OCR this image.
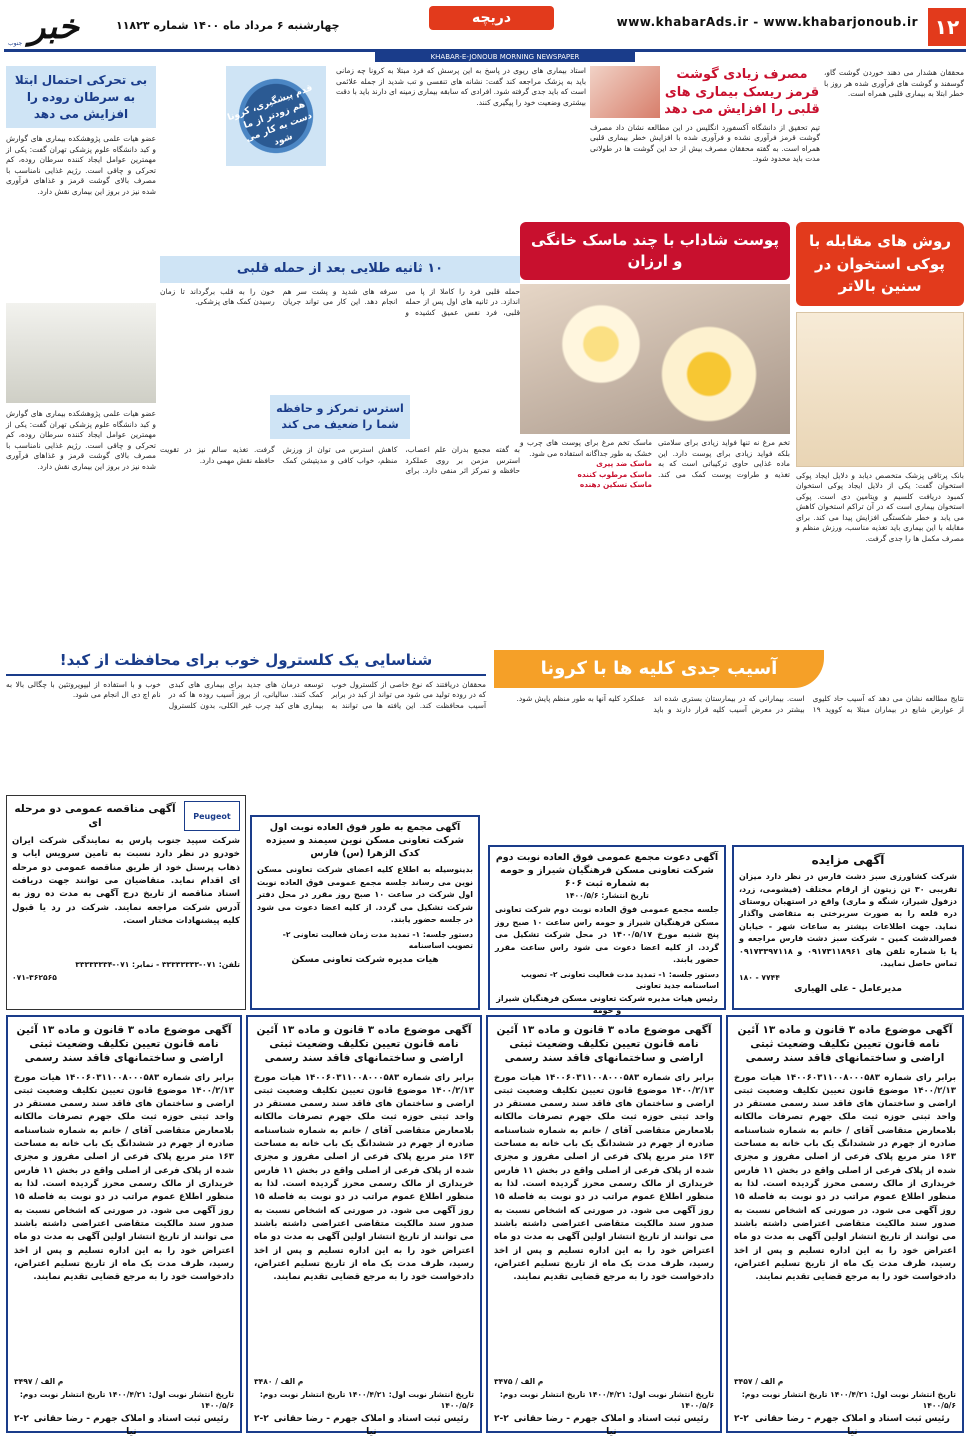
١٢
www.khabarAds.ir - www.khabarjonoub.ir
دریچه
چهارشنبه ۶ مرداد ماه ۱۴۰۰ شماره ۱۱۸۲۳
خبر
جنوب
KHABAR-E-JONOUB MORNING NEWSPAPER
محققان هشدار می دهند خوردن گوشت گاو، گوسفند و گوشت های فرآوری شده هر روز با خطر ابتلا به بیماری قلبی همراه است.
مصرف زیادی گوشت قرمز ریسک بیماری های قلبی را افزایش می دهد
تیم تحقیق از دانشگاه آکسفورد انگلیس در این مطالعه نشان داد مصرف گوشت قرمز فرآوری نشده و فرآوری شده با افزایش خطر بیماری قلبی همراه است. به گفته محققان مصرف بیش از حد این گوشت ها در طولانی مدت باید محدود شود.
قدم پیشگیری، کرونا هم زودتر از ما دست به کار می شود
استاد بیماری های ریوی در پاسخ به این پرسش که فرد مبتلا به کرونا چه زمانی باید به پزشک مراجعه کند گفت: نشانه های تنفسی و تب شدید از جمله علائمی است که باید جدی گرفته شود. افرادی که سابقه بیماری زمینه ای دارند باید با دقت بیشتری وضعیت خود را پیگیری کنند.
بی تحرکی احتمال ابتلا به سرطان روده را افزایش می دهد
عضو هیات علمی پژوهشکده بیماری های گوارش و کبد دانشگاه علوم پزشکی تهران گفت: یکی از مهمترین عوامل ایجاد کننده سرطان روده، کم تحرکی و چاقی است. رژیم غذایی نامناسب با مصرف بالای گوشت قرمز و غذاهای فرآوری شده نیز در بروز این بیماری نقش دارد.
عضو هیات علمی پژوهشکده بیماری های گوارش و کبد دانشگاه علوم پزشکی تهران گفت: یکی از مهمترین عوامل ایجاد کننده سرطان روده، کم تحرکی و چاقی است. رژیم غذایی نامناسب با مصرف بالای گوشت قرمز و غذاهای فرآوری شده نیز در بروز این بیماری نقش دارد.
۱۰ ثانیه طلایی بعد از حمله قلبی
حمله قلبی فرد را کاملا از پا می اندازد. در ثانیه های اول پس از حمله قلبی، فرد نفس عمیق کشیده و سرفه های شدید و پشت سر هم انجام دهد. این کار می تواند جریان خون را به قلب برگرداند تا زمان رسیدن کمک های پزشکی.
پوست شاداب با چند ماسک خانگی و ارزان
تخم مرغ نه تنها فواید زیادی برای سلامتی بلکه فواید زیادی برای پوست دارد. این ماده غذایی حاوی ترکیباتی است که به تغذیه و طراوت پوست کمک می کند. ماسک تخم مرغ برای پوست های چرب و خشک به طور جداگانه استفاده می شود.
ماسک ضد پیری
ماسک مرطوب کننده
ماسک تسکین دهنده
روش های مقابله با پوکی استخوان در سنین بالاتر
بانک پرتاقی پزشک متخصص دیابد و دلایل ایجاد پوکی استخوان گفت: یکی از دلایل ایجاد پوکی استخوان کمبود دریافت کلسیم و ویتامین دی است. پوکی استخوان بیماری است که در آن تراکم استخوان کاهش می یابد و خطر شکستگی افزایش پیدا می کند. برای مقابله با این بیماری باید تغذیه مناسب، ورزش منظم و مصرف مکمل ها را جدی گرفت.
استرس تمرکز و حافظه شما را ضعیف می کند
به گفته مجمع بدران علم اعصاب، استرس مزمن بر روی عملکرد حافظه و تمرکز اثر منفی دارد. برای کاهش استرس می توان از ورزش منظم، خواب کافی و مدیتیشن کمک گرفت. تغذیه سالم نیز در تقویت حافظه نقش مهمی دارد.
شناسایی یک کلسترول خوب برای محافظت از کبد!
محققان دریافتند که نوع خاصی از کلسترول خوب که در روده تولید می شود می تواند از کبد در برابر آسیب محافظت کند. این یافته ها می توانند به توسعه درمان های جدید برای بیماری های کبدی کمک کنند. سالیانی، از بروز آسیب روده ها که در بیماری های کبد چرب غیر الکلی، بدون کلسترول خوب و با استفاده از لیپوپروتئین با چگالی بالا به نام اچ دی ال انجام می شود.
آسیب جدی کلیه ها با کرونا
نتایج مطالعه نشان می دهد که آسیب حاد کلیوی از عوارض شایع در بیماران مبتلا به کووید ۱۹ است. بیمارانی که در بیمارستان بستری شده اند بیشتر در معرض آسیب کلیه قرار دارند و باید عملکرد کلیه آنها به طور منظم پایش شود.
Peugeot
آگهی مناقصه عمومی دو مرحله ای
شرکت سپید جنوب پارس به نمایندگی شرکت ایران خودرو در نظر دارد نسبت به تامین سرویس ایاب و ذهاب پرسنل خود از طریق مناقصه عمومی دو مرحله ای اقدام نماید. متقاضیان می توانند جهت دریافت اسناد مناقصه از تاریخ درج آگهی به مدت ده روز به آدرس شرکت مراجعه نمایند. شرکت در رد یا قبول کلیه پیشنهادات مختار است.
تلفن: ۰۷۱-۳۳۳۳۳۳۳۳ - نمابر: ۰۷۱-۳۳۳۳۳۳۳۴
۰۷۱-۳۶۲۵۶۵
آگهی مجمع به طور فوق العاده نوبت اول شرکت تعاونی مسکن نوین سیمند و سیزده کدک الزهرا (س) فارس
بدینوسیله به اطلاع کلیه اعضای شرکت تعاونی مسکن نوین می رساند جلسه مجمع عمومی فوق العاده نوبت اول شرکت در ساعت ۱۰ صبح روز مقرر در محل دفتر شرکت تشکیل می گردد. از کلیه اعضا دعوت می شود در جلسه حضور یابند.
دستور جلسه: ۱- تمدید مدت زمان فعالیت تعاونی ۲- تصویب اساسنامه
هیات مدیره شرکت تعاونی مسکن
آگهی دعوت مجمع عمومی فوق العاده نوبت دوم شرکت تعاونی مسکن فرهنگیان شیراز و حومه به شماره ثبت ۶۰۶
تاریخ انتشار: ۱۴۰۰/۵/۶
جلسه مجمع عمومی فوق العاده نوبت دوم شرکت تعاونی مسکن فرهنگیان شیراز و حومه راس ساعت ۱۰ صبح روز پنج شنبه مورخ ۱۴۰۰/۵/۱۷ در محل شرکت تشکیل می گردد. از کلیه اعضا دعوت می شود راس ساعت مقرر حضور یابند.
دستور جلسه: ۱- تمدید مدت فعالیت تعاونی ۲- تصویب اساسنامه جدید تعاونی
رئیس هیات مدیره شرکت تعاونی مسکن فرهنگیان شیراز و حومه
آگهی مزایده
شرکت کشاورزی سبز دشت فارس در نظر دارد میزان تقریبی ۳۰ تن زیتون از ارقام مختلف (فیشومی، زرد، دزفول شیراز، شنگه و ماری) واقع در استهبان روستای دره قلعه را به صورت سربرختی به متقاضی واگذار نماید. جهت اطلاعات بیشتر به ساعات شهر - خیابان فصرالدشت کمین - شرکت سبز دشت فارس مراجعه و یا با شماره تلفن های ۰۹۱۷۳۱۱۸۹۶۱ و ۰۹۱۷۳۳۹۷۱۱۸ تماس حاصل نمایید.
۷۷۴۴ - ۱۸۰
مدیرعامل - علی الهیاری
آگهی موضوع ماده ۳ قانون و ماده ۱۳ آئین نامه قانون تعیین تکلیف وضعیت ثبتی اراضی و ساختمانهای فاقد سند رسمی
برابر رای شماره ۱۴۰۰۶۰۳۱۱۰۰۸۰۰۰۵۸۳ هیات مورخ ۱۴۰۰/۲/۱۳ موضوع قانون تعیین تکلیف وضعیت ثبتی اراضی و ساختمان های فاقد سند رسمی مستقر در واحد ثبتی حوزه ثبت ملک جهرم تصرفات مالکانه بلامعارض متقاضی آقای / خانم به شماره شناسنامه صادره از جهرم در ششدانگ یک باب خانه به مساحت ۱۶۳ متر مربع پلاک فرعی از اصلی مفروز و مجزی شده از پلاک فرعی از اصلی واقع در بخش ۱۱ فارس خریداری از مالک رسمی محرز گردیده است. لذا به منظور اطلاع عموم مراتب در دو نوبت به فاصله ۱۵ روز آگهی می شود. در صورتی که اشخاص نسبت به صدور سند مالکیت متقاضی اعتراضی داشته باشند می توانند از تاریخ انتشار اولین آگهی به مدت دو ماه اعتراض خود را به این اداره تسلیم و پس از اخذ رسید، ظرف مدت یک ماه از تاریخ تسلیم اعتراض، دادخواست خود را به مرجع قضایی تقدیم نمایند.
م الف / ۳۴۹۷
تاریخ انتشار نوبت اول: ۱۴۰۰/۴/۲۱ تاریخ انتشار نوبت دوم: ۱۴۰۰/۵/۶
رئیس ثبت اسناد و املاک جهرم - رضا حقانی نیا
۲-۲
آگهی موضوع ماده ۳ قانون و ماده ۱۳ آئین نامه قانون تعیین تکلیف وضعیت ثبتی اراضی و ساختمانهای فاقد سند رسمی
برابر رای شماره ۱۴۰۰۶۰۳۱۱۰۰۸۰۰۰۵۸۳ هیات مورخ ۱۴۰۰/۲/۱۳ موضوع قانون تعیین تکلیف وضعیت ثبتی اراضی و ساختمان های فاقد سند رسمی مستقر در واحد ثبتی حوزه ثبت ملک جهرم تصرفات مالکانه بلامعارض متقاضی آقای / خانم به شماره شناسنامه صادره از جهرم در ششدانگ یک باب خانه به مساحت ۱۶۳ متر مربع پلاک فرعی از اصلی مفروز و مجزی شده از پلاک فرعی از اصلی واقع در بخش ۱۱ فارس خریداری از مالک رسمی محرز گردیده است. لذا به منظور اطلاع عموم مراتب در دو نوبت به فاصله ۱۵ روز آگهی می شود. در صورتی که اشخاص نسبت به صدور سند مالکیت متقاضی اعتراضی داشته باشند می توانند از تاریخ انتشار اولین آگهی به مدت دو ماه اعتراض خود را به این اداره تسلیم و پس از اخذ رسید، ظرف مدت یک ماه از تاریخ تسلیم اعتراض، دادخواست خود را به مرجع قضایی تقدیم نمایند.
م الف / ۳۴۸۰
تاریخ انتشار نوبت اول: ۱۴۰۰/۴/۲۱ تاریخ انتشار نوبت دوم: ۱۴۰۰/۵/۶
رئیس ثبت اسناد و املاک جهرم - رضا حقانی نیا
۲-۲
آگهی موضوع ماده ۳ قانون و ماده ۱۳ آئین نامه قانون تعیین تکلیف وضعیت ثبتی اراضی و ساختمانهای فاقد سند رسمی
برابر رای شماره ۱۴۰۰۶۰۳۱۱۰۰۸۰۰۰۵۸۳ هیات مورخ ۱۴۰۰/۲/۱۳ موضوع قانون تعیین تکلیف وضعیت ثبتی اراضی و ساختمان های فاقد سند رسمی مستقر در واحد ثبتی حوزه ثبت ملک جهرم تصرفات مالکانه بلامعارض متقاضی آقای / خانم به شماره شناسنامه صادره از جهرم در ششدانگ یک باب خانه به مساحت ۱۶۳ متر مربع پلاک فرعی از اصلی مفروز و مجزی شده از پلاک فرعی از اصلی واقع در بخش ۱۱ فارس خریداری از مالک رسمی محرز گردیده است. لذا به منظور اطلاع عموم مراتب در دو نوبت به فاصله ۱۵ روز آگهی می شود. در صورتی که اشخاص نسبت به صدور سند مالکیت متقاضی اعتراضی داشته باشند می توانند از تاریخ انتشار اولین آگهی به مدت دو ماه اعتراض خود را به این اداره تسلیم و پس از اخذ رسید، ظرف مدت یک ماه از تاریخ تسلیم اعتراض، دادخواست خود را به مرجع قضایی تقدیم نمایند.
م الف / ۳۴۷۵
تاریخ انتشار نوبت اول: ۱۴۰۰/۴/۲۱ تاریخ انتشار نوبت دوم: ۱۴۰۰/۵/۶
رئیس ثبت اسناد و املاک جهرم - رضا حقانی نیا
۲-۲
آگهی موضوع ماده ۳ قانون و ماده ۱۳ آئین نامه قانون تعیین تکلیف وضعیت ثبتی اراضی و ساختمانهای فاقد سند رسمی
برابر رای شماره ۱۴۰۰۶۰۳۱۱۰۰۸۰۰۰۵۸۳ هیات مورخ ۱۴۰۰/۲/۱۳ موضوع قانون تعیین تکلیف وضعیت ثبتی اراضی و ساختمان های فاقد سند رسمی مستقر در واحد ثبتی حوزه ثبت ملک جهرم تصرفات مالکانه بلامعارض متقاضی آقای / خانم به شماره شناسنامه صادره از جهرم در ششدانگ یک باب خانه به مساحت ۱۶۳ متر مربع پلاک فرعی از اصلی مفروز و مجزی شده از پلاک فرعی از اصلی واقع در بخش ۱۱ فارس خریداری از مالک رسمی محرز گردیده است. لذا به منظور اطلاع عموم مراتب در دو نوبت به فاصله ۱۵ روز آگهی می شود. در صورتی که اشخاص نسبت به صدور سند مالکیت متقاضی اعتراضی داشته باشند می توانند از تاریخ انتشار اولین آگهی به مدت دو ماه اعتراض خود را به این اداره تسلیم و پس از اخذ رسید، ظرف مدت یک ماه از تاریخ تسلیم اعتراض، دادخواست خود را به مرجع قضایی تقدیم نمایند.
م الف / ۳۴۵۷
تاریخ انتشار نوبت اول: ۱۴۰۰/۴/۲۱ تاریخ انتشار نوبت دوم: ۱۴۰۰/۵/۶
رئیس ثبت اسناد و املاک جهرم - رضا حقانی نیا
۲-۲
